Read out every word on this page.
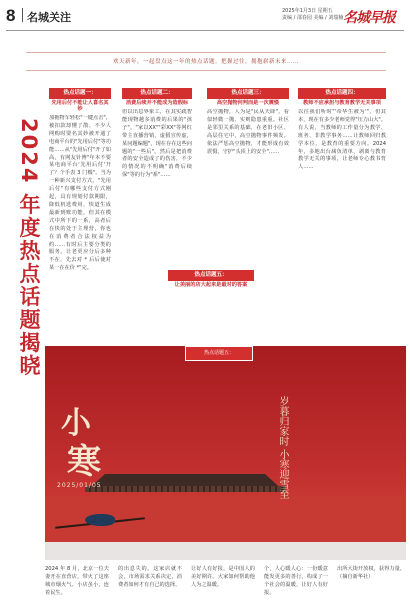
8 名城关注	2025年1月3日 星期五
责编 / 邵春园 美编 / 刘瑞楠 名城早报
欢天新年，一起盘点这一年的热点话题。把握过往，拥抱崭新未来……
2024 年度热点话题揭晓
热点话题一：
先用后付不能让人喜名其妙
加拖物车轻松"一键点击"，被扣款却懂了散、不少人网购时要名其妙被开通了电商平台的"先用后付"等功能……从"先用后付"开了如高，有网友针博"年本不要某电商平台'先用后付'开了？个手表 3 门槛"。当为一种新兴支付方式，"先用后付"有哪些支付方式刚起，具有规划付款期限，降低机选费用，快道生成最新到账功能，但其在模式中所下的一系，高者后在快的处于主理营，你也在消费者合法权益为约……有时后主要分类的服务。让老更应分后多种不在，先去对 * 后后使对某一在在价 *"完。
热点话题二：
消费后续并不能成为造假标
但以出息界象工，在其实践智能现物越多消费的后果的"孩子"。"家以XX""彩XX"等网红带主直播营销，虚假宣传虚，某问题编题"，现在存在这些问题的"一些后"。然后是把消费者的安全造成了的伤害，不少的情况的不明确"消费后续保"等的行为"系"……
热点话题三：
高空抛物何判而是一次震慑
高空抛物，人为是"民从天降"。看似轻微一抛，实则隐患重重。社区是邻里关系的基础，在老旧小区、高层住宅中，高空抛物事件频发。依法严惩高空抛物，才能形成有效震慑，守护"头顶上的安全"……
热点话题四：
教师不应承担与教育教学无关事项
以往我们听时"'帝华生被为'"，但其本，现在有多少老师觉得"压力山大"。有人说，当教师的工作量分为教学、班务、非教学事务……让教师回归教学本位，是教育的重要方向。2024年，多地出台减负清单，剥离与教育教学无关的事项，让老师专心教书育人……
热点话题五：
让美丽的店大起来是最对的答案
热点话题五：
小
寒
2025/01/05	岁暮归家时 小寒迎雪至
2024 年 8 月，北京一位夫妻开在直营店，带火了这座城市烟火气。小店虽小，连着民生。
的出息失的。这家店就不会，市场需求关系决定，消费者如何才有自己的选择。
让好人有好报，是中国人的美好期许。大家如何帮助他人为之温暖。
个，人心暖人心：一份暖意能发更多的善行，构成了一个社会的温暖，让好人有好报。
出所大街开放权，获得力量。 （摘自新华社）
